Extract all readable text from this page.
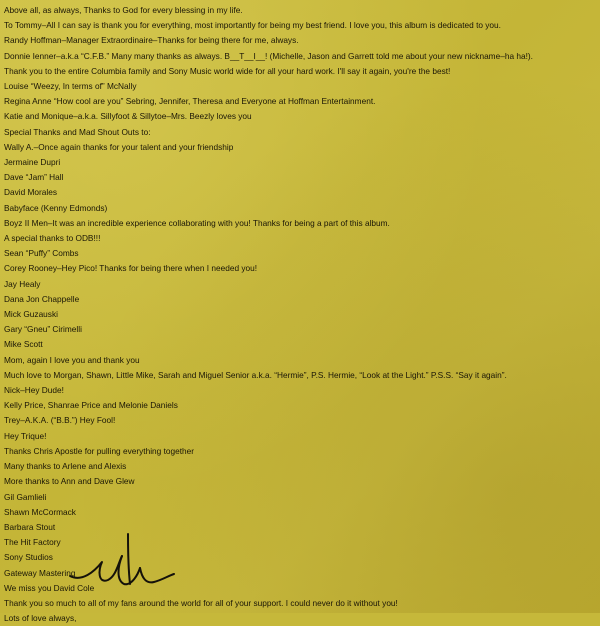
Above all, as always, Thanks to God for every blessing in my life.
To Tommy–All I can say is thank you for everything, most importantly for being my best friend. I love you, this album is dedicated to you.
Randy Hoffman–Manager Extraordinaire–Thanks for being there for me, always.
Donnie Ienner–a.k.a “C.F.B.” Many many thanks as always. B__T__I__! (Michelle, Jason and Garrett told me about your new nickname–ha ha!).
Thank you to the entire Columbia family and Sony Music world wide for all your hard work. I'll say it again, you're the best!
Louise “Weezy, In terms of” McNally
Regina Anne “How cool are you” Sebring, Jennifer, Theresa and Everyone at Hoffman Entertainment.
Katie and Monique–a.k.a. Sillyfoot & Sillytoe–Mrs. Beezly loves you
Special Thanks and Mad Shout Outs to:
Wally A.–Once again thanks for your talent and your friendship
Jermaine Dupri
Dave “Jam” Hall
David Morales
Babyface (Kenny Edmonds)
Boyz II Men–It was an incredible experience collaborating with you! Thanks for being a part of this album.
A special thanks to ODB!!!
Sean “Puffy” Combs
Corey Rooney–Hey Pico! Thanks for being there when I needed you!
Jay Healy
Dana Jon Chappelle
Mick Guzauski
Gary “Gneu” Cirimelli
Mike Scott
Mom, again I love you and thank you
Much love to Morgan, Shawn, Little Mike, Sarah and Miguel Senior a.k.a. “Hermie”, P.S. Hermie, “Look at the Light.” P.S.S. “Say it again”.
Nick–Hey Dude!
Kelly Price, Shanrae Price and Melonie Daniels
Trey–A.K.A. (“B.B.”) Hey Fool!
Hey Trique!
Thanks Chris Apostle for pulling everything together
Many thanks to Arlene and Alexis
More thanks to Ann and Dave Glew
Gil Gamlieli
Shawn McCormack
Barbara Stout
The Hit Factory
Sony Studios
Gateway Mastering
We miss you David Cole
Thank you so much to all of my fans around the world for all of your support. I could never do it without you!
Lots of love always,
